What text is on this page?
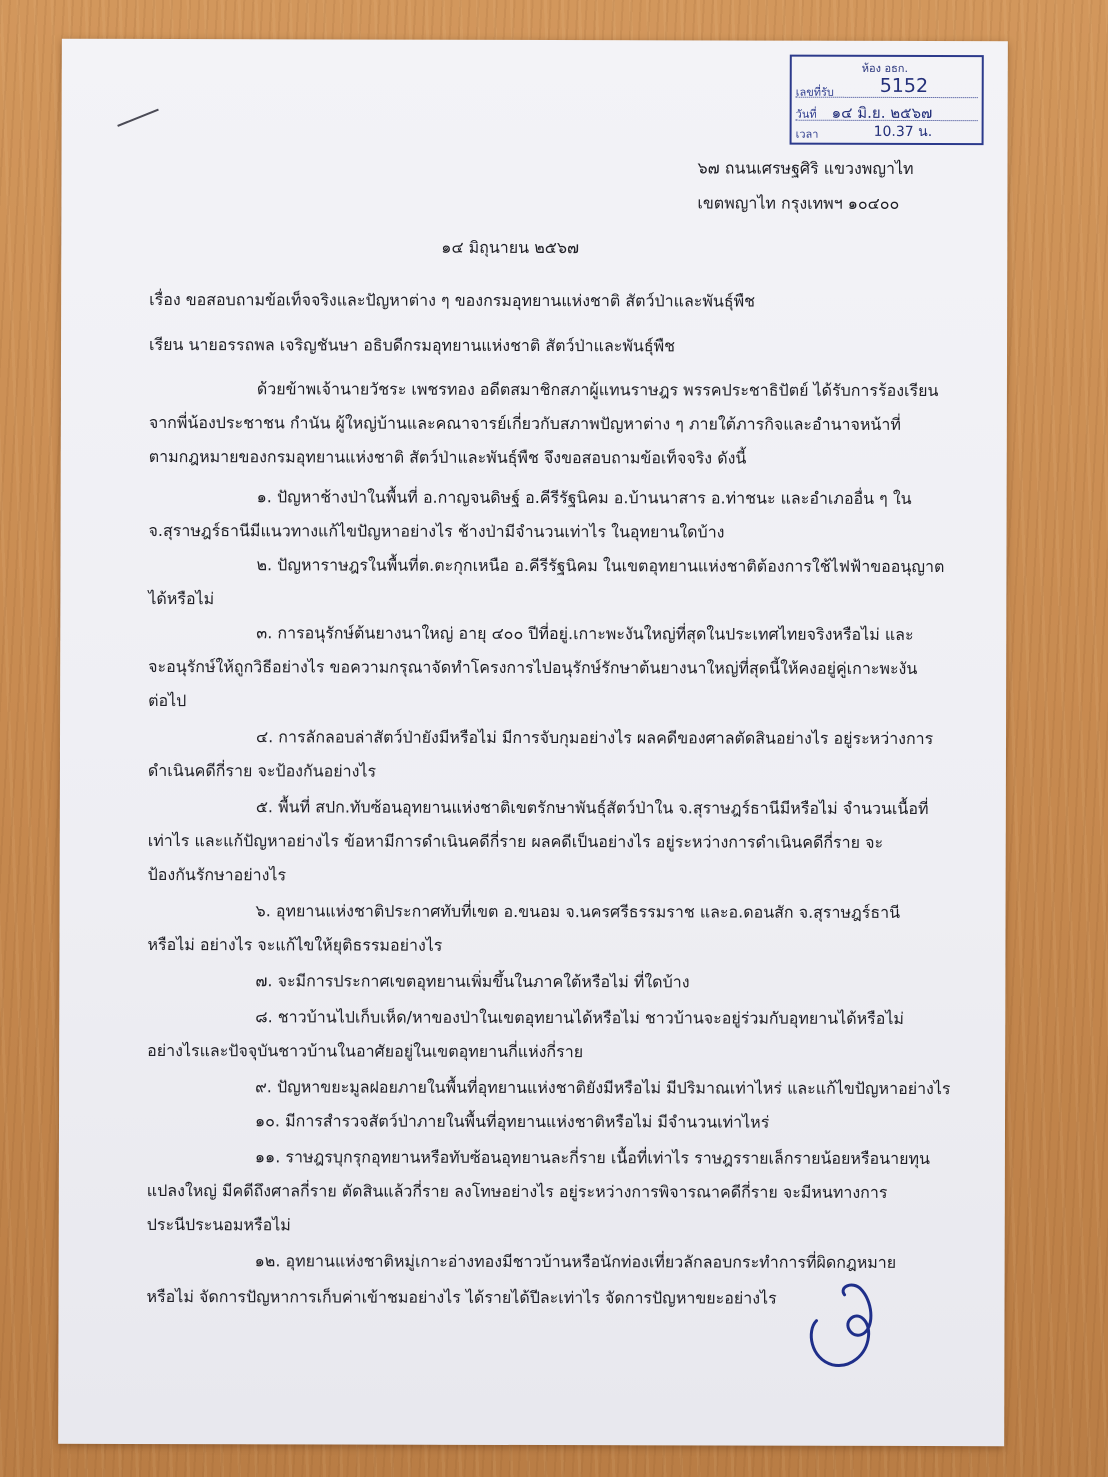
ห้อง อธก.
เลขที่รับ 5152
วันที่ ๑๔ มิ.ย. ๒๕๖๗
เวลา	10.37 น.
๖๗ ถนนเศรษฐศิริ แขวงพญาไท
เขตพญาไท กรุงเทพฯ ๑๐๔๐๐
๑๔ มิถุนายน ๒๕๖๗
เรื่อง ขอสอบถามข้อเท็จจริงและปัญหาต่าง ๆ ของกรมอุทยานแห่งชาติ สัตว์ป่าและพันธุ์พืช
เรียน นายอรรถพล เจริญชันษา อธิบดีกรมอุทยานแห่งชาติ สัตว์ป่าและพันธุ์พืช
ด้วยข้าพเจ้านายวัชระ เพชรทอง อดีตสมาชิกสภาผู้แทนราษฎร พรรคประชาธิปัตย์ ได้รับการร้องเรียน
จากพี่น้องประชาชน กำนัน ผู้ใหญ่บ้านและคณาจารย์เกี่ยวกับสภาพปัญหาต่าง ๆ ภายใต้ภารกิจและอำนาจหน้าที่
ตามกฎหมายของกรมอุทยานแห่งชาติ สัตว์ป่าและพันธุ์พืช จึงขอสอบถามข้อเท็จจริง ดังนี้
๑. ปัญหาช้างป่าในพื้นที่ อ.กาญจนดิษฐ์ อ.คีรีรัฐนิคม อ.บ้านนาสาร อ.ท่าชนะ และอำเภออื่น ๆ ใน
จ.สุราษฎร์ธานีมีแนวทางแก้ไขปัญหาอย่างไร ช้างป่ามีจำนวนเท่าไร ในอุทยานใดบ้าง
๒. ปัญหาราษฎรในพื้นที่ต.ตะกุกเหนือ อ.คีรีรัฐนิคม ในเขตอุทยานแห่งชาติต้องการใช้ไฟฟ้าขออนุญาต
ได้หรือไม่
๓. การอนุรักษ์ต้นยางนาใหญ่ อายุ ๔๐๐ ปีที่อยู่.เกาะพะงันใหญ่ที่สุดในประเทศไทยจริงหรือไม่ และ
จะอนุรักษ์ให้ถูกวิธีอย่างไร ขอความกรุณาจัดทำโครงการไปอนุรักษ์รักษาต้นยางนาใหญ่ที่สุดนี้ให้คงอยู่คู่เกาะพะงัน
ต่อไป
๔. การลักลอบล่าสัตว์ป่ายังมีหรือไม่ มีการจับกุมอย่างไร ผลคดีของศาลตัดสินอย่างไร อยู่ระหว่างการ
ดำเนินคดีกี่ราย จะป้องกันอย่างไร
๕. พื้นที่ สปก.ทับซ้อนอุทยานแห่งชาติเขตรักษาพันธุ์สัตว์ป่าใน จ.สุราษฎร์ธานีมีหรือไม่ จำนวนเนื้อที่
เท่าไร และแก้ปัญหาอย่างไร ข้อหามีการดำเนินคดีกี่ราย ผลคดีเป็นอย่างไร อยู่ระหว่างการดำเนินคดีกี่ราย จะ
ป้องกันรักษาอย่างไร
๖. อุทยานแห่งชาติประกาศทับที่เขต อ.ขนอม จ.นครศรีธรรมราช และอ.ดอนสัก จ.สุราษฎร์ธานี
หรือไม่ อย่างไร จะแก้ไขให้ยุติธรรมอย่างไร
๗. จะมีการประกาศเขตอุทยานเพิ่มขึ้นในภาคใต้หรือไม่ ที่ใดบ้าง
๘. ชาวบ้านไปเก็บเห็ด/หาของป่าในเขตอุทยานได้หรือไม่ ชาวบ้านจะอยู่ร่วมกับอุทยานได้หรือไม่
อย่างไรและปัจจุบันชาวบ้านในอาศัยอยู่ในเขตอุทยานกี่แห่งกี่ราย
๙. ปัญหาขยะมูลฝอยภายในพื้นที่อุทยานแห่งชาติยังมีหรือไม่ มีปริมาณเท่าไหร่ และแก้ไขปัญหาอย่างไร
๑๐. มีการสำรวจสัตว์ป่าภายในพื้นที่อุทยานแห่งชาติหรือไม่ มีจำนวนเท่าไหร่
๑๑. ราษฎรบุกรุกอุทยานหรือทับซ้อนอุทยานละกี่ราย เนื้อที่เท่าไร ราษฎรรายเล็กรายน้อยหรือนายทุน
แปลงใหญ่ มีคดีถึงศาลกี่ราย ตัดสินแล้วกี่ราย ลงโทษอย่างไร อยู่ระหว่างการพิจารณาคดีกี่ราย จะมีหนทางการ
ประนีประนอมหรือไม่
๑๒. อุทยานแห่งชาติหมู่เกาะอ่างทองมีชาวบ้านหรือนักท่องเที่ยวลักลอบกระทำการที่ผิดกฎหมาย
หรือไม่ จัดการปัญหาการเก็บค่าเข้าชมอย่างไร ได้รายได้ปีละเท่าไร จัดการปัญหาขยะอย่างไร
